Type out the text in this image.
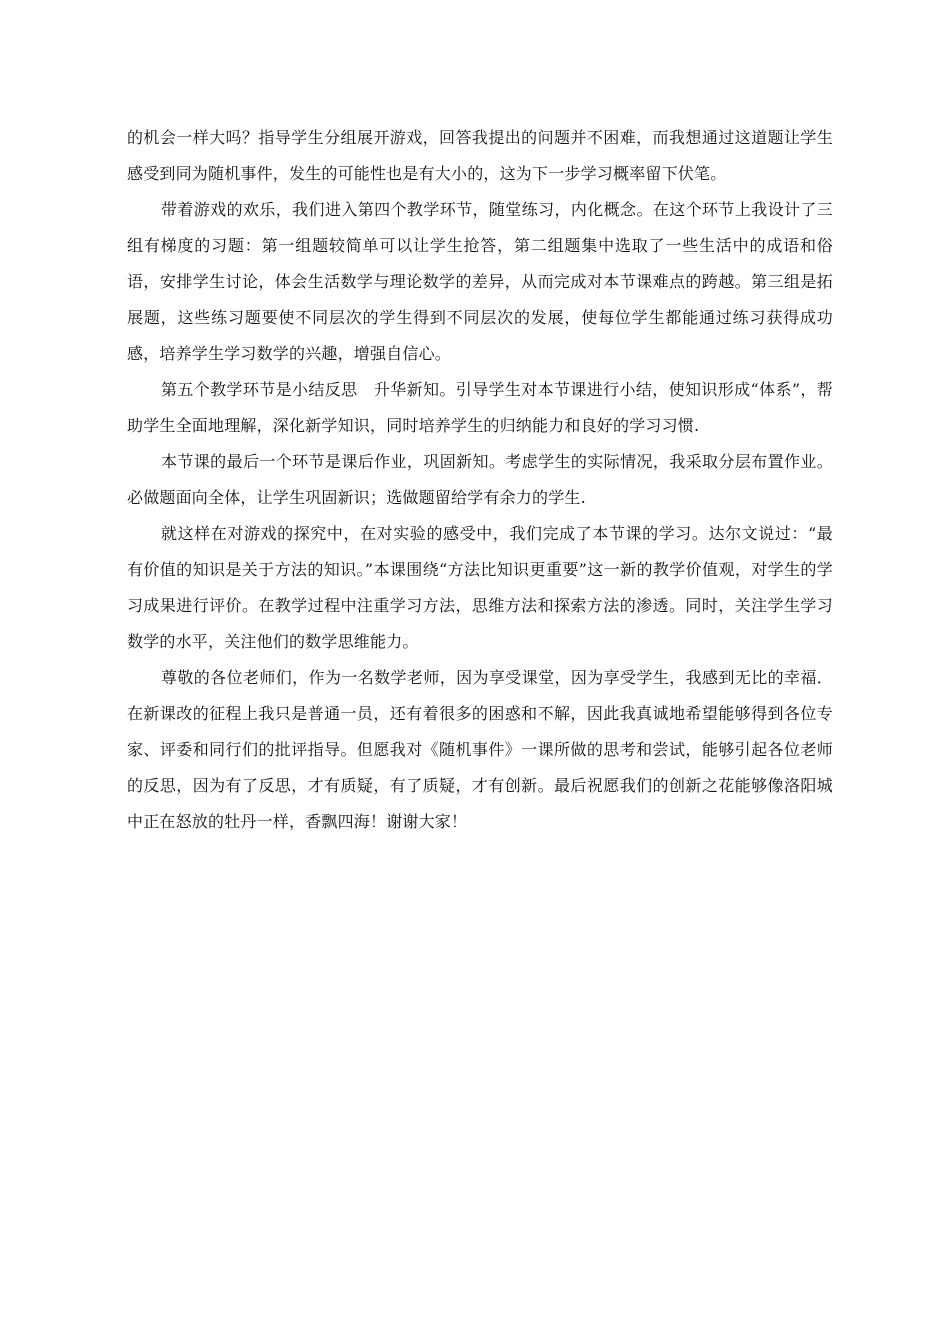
的机会一样大吗？指导学生分组展开游戏，回答我提出的问题并不困难，而我想通过这道题让学生感受到同为随机事件，发生的可能性也是有大小的，这为下一步学习概率留下伏笔。

带着游戏的欢乐，我们进入第四个教学环节，随堂练习，内化概念。在这个环节上我设计了三组有梯度的习题：第一组题较简单可以让学生抢答，第二组题集中选取了一些生活中的成语和俗语，安排学生讨论，体会生活数学与理论数学的差异，从而完成对本节课难点的跨越。第三组是拓展题，这些练习题要使不同层次的学生得到不同层次的发展，使每位学生都能通过练习获得成功感，培养学生学习数学的兴趣，增强自信心。

第五个教学环节是小结反思　升华新知。引导学生对本节课进行小结，使知识形成“体系”，帮助学生全面地理解，深化新学知识，同时培养学生的归纳能力和良好的学习习惯.

本节课的最后一个环节是课后作业，巩固新知。考虑学生的实际情况，我采取分层布置作业。必做题面向全体，让学生巩固新识；选做题留给学有余力的学生.

就这样在对游戏的探究中，在对实验的感受中，我们完成了本节课的学习。达尔文说过：“最有价值的知识是关于方法的知识。”本课围绕“方法比知识更重要”这一新的教学价值观，对学生的学习成果进行评价。在教学过程中注重学习方法，思维方法和探索方法的渗透。同时，关注学生学习数学的水平，关注他们的数学思维能力。

尊敬的各位老师们，作为一名数学老师，因为享受课堂，因为享受学生，我感到无比的幸福．在新课改的征程上我只是普通一员，还有着很多的困惑和不解，因此我真诚地希望能够得到各位专家、评委和同行们的批评指导。但愿我对《随机事件》一课所做的思考和尝试，能够引起各位老师的反思，因为有了反思，才有质疑，有了质疑，才有创新。最后祝愿我们的创新之花能够像洛阳城中正在怒放的牡丹一样，香飘四海！谢谢大家！
